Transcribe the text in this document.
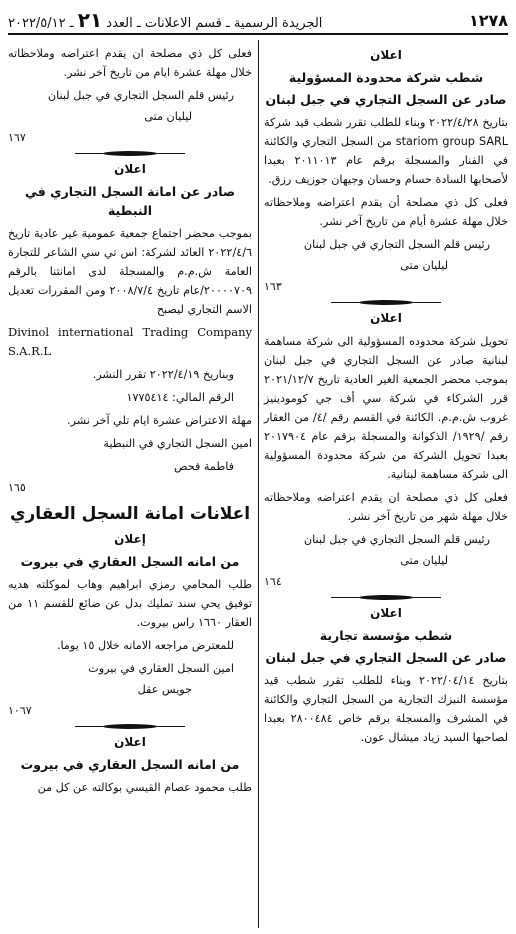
١٢٧٨
الجريدة الرسمية ـ قسم الاعلانات ـ العدد ٢١ ـ ٢٠٢٢/٥/١٢
اعلان
شطب شركة محدودة المسؤولية
صادر عن السجل التجاري في جبل لبنان
بتاريخ ٢٠٢٢/٤/٢٨ وبناء للطلب تقرر شطب قيد شركة stariom group SARL من السجل التجاري والكائنة في الفنار والمسجلة برقم عام ٢٠١١٠١٣ بعبدا لأصحابها السادة حسام وحسان وجيهان جوزيف رزق.
فعلى كل ذي مصلحة أن يقدم اعتراضه وملاحظاته خلال مهلة عشرة أيام من تاريخ آخر نشر.
رئيس قلم السجل التجاري في جبل لبنان
ليليان متى
١٦٣
اعلان
تحويل شركة محدوده المسؤولية الى شركة مساهمة لبنانية صادر عن السجل التجاري في جبل لبنان بموجب محضر الجمعية الغير العادية تاريخ ٢٠٢١/١٢/٧ قرر الشركاء في شركة سي أف جي كومودينيز غروب ش.م.م. الكائنة في القسم رقم /٤/ من العقار رقم /١٩٢٩/ الذكوانة والمسجلة برقم عام ٢٠١٧٩٠٤ بعبدا تحويل الشركة من شركة محدودة المسؤولية الى شركة مساهمة لبنانية.
فعلى كل ذي مصلحة ان يقدم اعتراضه وملاحظاته خلال مهلة شهر من تاريخ آخر نشر.
رئيس قلم السجل التجاري في جبل لبنان
ليليان متى
١٦٤
اعلان
شطب مؤسسة تجارية
صادر عن السجل التجاري في جبل لبنان
بتاريخ ٢٠٢٢/٠٤/١٤ وبناء للطلب تقرر شطب قيد مؤسسة النبزك التجارية من السجل التجاري والكائنة في المشرف والمسجلة برقم خاص ٢٨٠٠٤٨٤ بعبدا لصاحبها السيد زياد ميشال عون.
فعلى كل ذي مصلحة ان يقدم اعتراضه وملاحظاته خلال مهلة عشرة ايام من تاريخ آخر نشر.
رئيس قلم السجل التجاري في جبل لبنان
ليليان متى
١٦٧
اعلان
صادر عن امانة السجل التجاري في النبطية
بموجب محضر اجتماع جمعية عمومية غير عادية تاريخ ٢٠٢٢/٤/٦ العائد لشركة: اس تي سي الشاعر للتجارة العامة ش.م.م والمسجلة لدى امانتنا بالرقم ٢٠٠٠٠٧٠٩/عام تاريخ ٢٠٠٨/٧/٤ ومن المقررات تعديل الاسم التجاري ليصبح
Divinol international Trading Company S.A.R.L
وبناريخ ٢٠٢٢/٤/١٩ تقرر النشر.
الرقم المالي: ١٧٧٥٤١٤
مهلة الاعتراض عشرة ايام تلي آخر نشر.
امين السجل التجاري في النبطية
فاطمة فحص
١٦٥
اعلانات امانة السجل العقاري
إعلان
من امانه السجل العقاري في بيروت
طلب المحامي رمزي ابراهيم وهاب لموكلته هديه توفيق يحي سند تمليك بدل عن ضائع للقسم ١١ من العقار ١٦٦٠ راس بيروت.
للمعترض مراجعه الامانه خلال ١٥ يوما.
امين السجل العقاري في بيروت
جويس عقل
١٠٦٧
اعلان
من امانه السجل العقاري في بيروت
طلب محمود عصام القيسي بوكالته عن كل من
